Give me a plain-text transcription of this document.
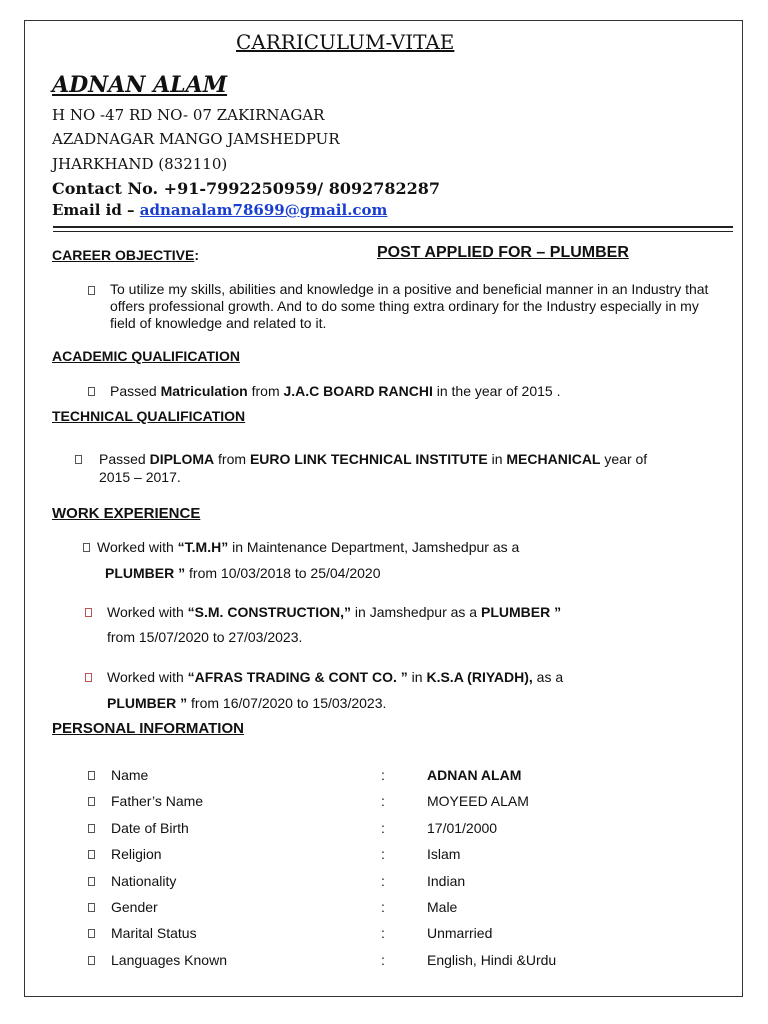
CARRICULUM-VITAE
ADNAN ALAM
H NO -47 RD NO- 07 ZAKIRNAGAR
AZADNAGAR MANGO JAMSHEDPUR
JHARKHAND (832110)
Contact No. +91-7992250959/ 8092782287
Email id – adnanalam78699@gmail.com
CAREER OBJECTIVE:	POST APPLIED FOR – PLUMBER
To utilize my skills, abilities and knowledge in a positive and beneficial manner in an Industry that offers professional growth. And to do some thing extra ordinary for the Industry especially in my field of knowledge and related to it.
ACADEMIC QUALIFICATION
Passed Matriculation from J.A.C BOARD RANCHI in the year of 2015 .
TECHNICAL QUALIFICATION
Passed DIPLOMA from EURO LINK TECHNICAL INSTITUTE in MECHANICAL year of
2015 – 2017.
WORK EXPERIENCE
Worked with “T.M.H” in Maintenance Department, Jamshedpur as a
PLUMBER ” from 10/03/2018 to 25/04/2020
Worked with “S.M. CONSTRUCTION,” in Jamshedpur as a PLUMBER ”
from 15/07/2020 to 27/03/2023.
Worked with “AFRAS TRADING & CONT CO. ” in K.S.A (RIYADH), as a
PLUMBER ” from 16/07/2020 to 15/03/2023.
PERSONAL INFORMATION
Name	:	ADNAN ALAM
Father’s Name	:	MOYEED ALAM
Date of Birth	:	17/01/2000
Religion	:	Islam
Nationality	:	Indian
Gender	:	Male
Marital Status	:	Unmarried
Languages Known	:	English, Hindi &Urdu
